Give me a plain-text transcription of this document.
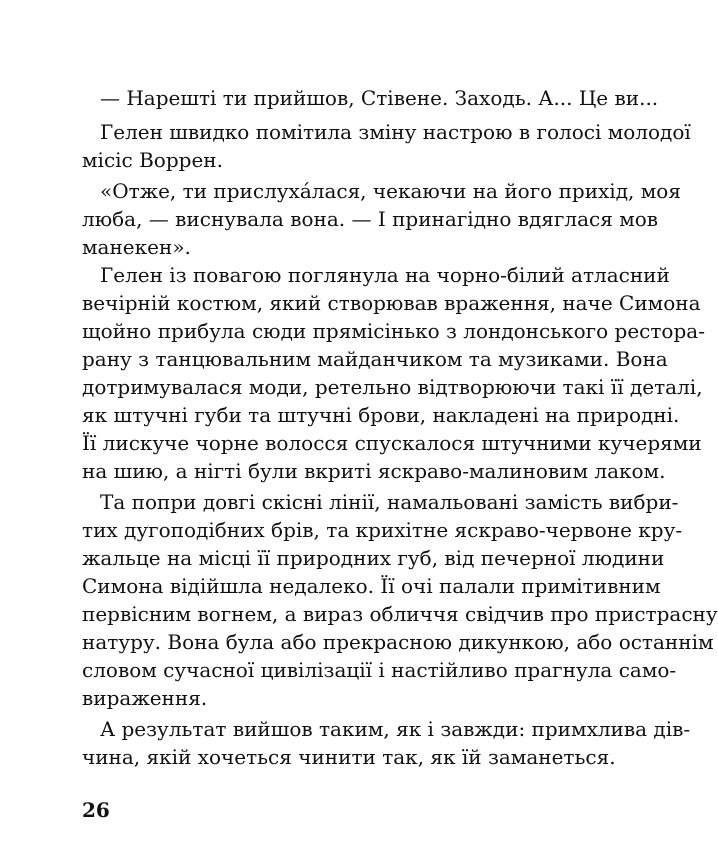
— Нарешті ти прийшов, Стівене. Заходь. А... Це ви...
Гелен швидко помітила зміну настрою в голосі молодої
місіс Воррен.
«Отже, ти прислухáлася, чекаючи на його прихід, моя
люба, — виснувала вона. — І принагідно вдяглася мов
манекен».
Гелен із повагою поглянула на чорно-білий атласний
вечірній костюм, який створював враження, наче Симона
щойно прибула сюди прямісінько з лондонського рестора-
рану з танцювальним майданчиком та музиками. Вона
дотримувалася моди, ретельно відтворюючи такі її деталі,
як штучні губи та штучні брови, накладені на природні.
Її лискуче чорне волосся спускалося штучними кучерями
на шию, а нігті були вкриті яскраво-малиновим лаком.
Та попри довгі скісні лінії, намальовані замість вибри-
тих дугоподібних брів, та крихітне яскраво-червоне кру-
жальце на місці її природних губ, від печерної людини
Симона відійшла недалеко. Її очі палали примітивним
первісним вогнем, а вираз обличчя свідчив про пристрасну
натуру. Вона була або прекрасною дикункою, або останнім
словом сучасної цивілізації і настійливо прагнула само-
вираження.
А результат вийшов таким, як і завжди: примхлива дів-
чина, якій хочеться чинити так, як їй заманеться.
26
